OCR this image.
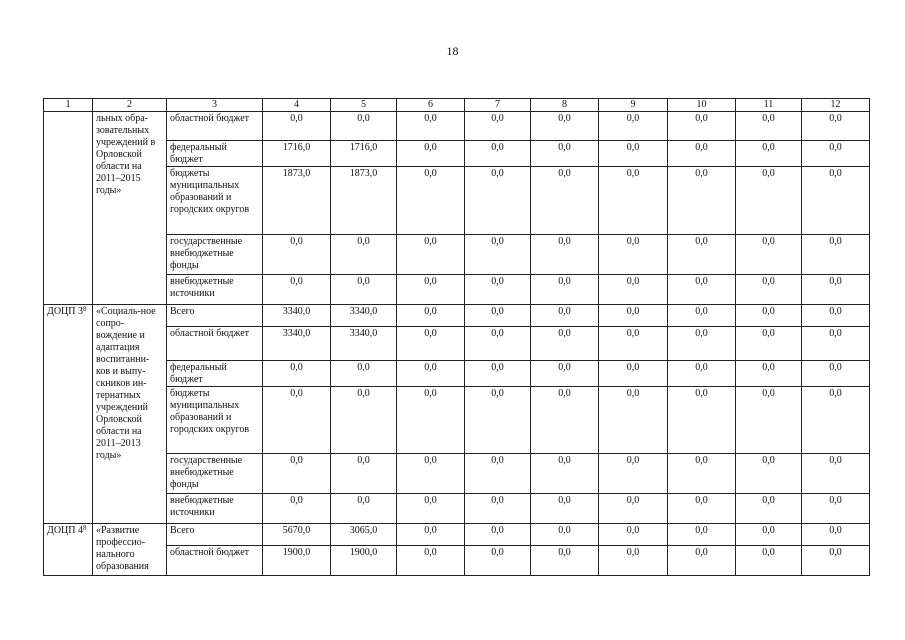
18
1	2	3	4	5	6	7	8	9	10	11	12
	льных обра-зовательных учреждений в Орловской области на 2011–2015 годы»	областной бюджет	0,0	0,0	0,0	0,0	0,0	0,0	0,0	0,0	0,0
		федеральный бюджет	1716,0	1716,0	0,0	0,0	0,0	0,0	0,0	0,0	0,0
		бюджеты муниципальных образований и городских округов	1873,0	1873,0	0,0	0,0	0,0	0,0	0,0	0,0	0,0
		государственные внебюджетные фонды	0,0	0,0	0,0	0,0	0,0	0,0	0,0	0,0	0,0
		внебюджетные источники	0,0	0,0	0,0	0,0	0,0	0,0	0,0	0,0	0,0
ДОЦП $3^8$	«Социаль-ное сопро-вождение и адаптация воспитанни-ков и выпу-скников ин-тернатных учреждений Орловской области на 2011–2013 годы»	Всего	3340,0	3340,0	0,0	0,0	0,0	0,0	0,0	0,0	0,0
		областной бюджет	3340,0	3340,0	0,0	0,0	0,0	0,0	0,0	0,0	0,0
		федеральный бюджет	0,0	0,0	0,0	0,0	0,0	0,0	0,0	0,0	0,0
		бюджеты муниципальных образований и городских округов	0,0	0,0	0,0	0,0	0,0	0,0	0,0	0,0	0,0
		государственные внебюджетные фонды	0,0	0,0	0,0	0,0	0,0	0,0	0,0	0,0	0,0
		внебюджетные источники	0,0	0,0	0,0	0,0	0,0	0,0	0,0	0,0	0,0
ДОЦП $4^8$	«Развитие профессио-нального образования	Всего	5670,0	3065,0	0,0	0,0	0,0	0,0	0,0	0,0	0,0
		областной бюджет	1900,0	1900,0	0,0	0,0	0,0	0,0	0,0	0,0	0,0
